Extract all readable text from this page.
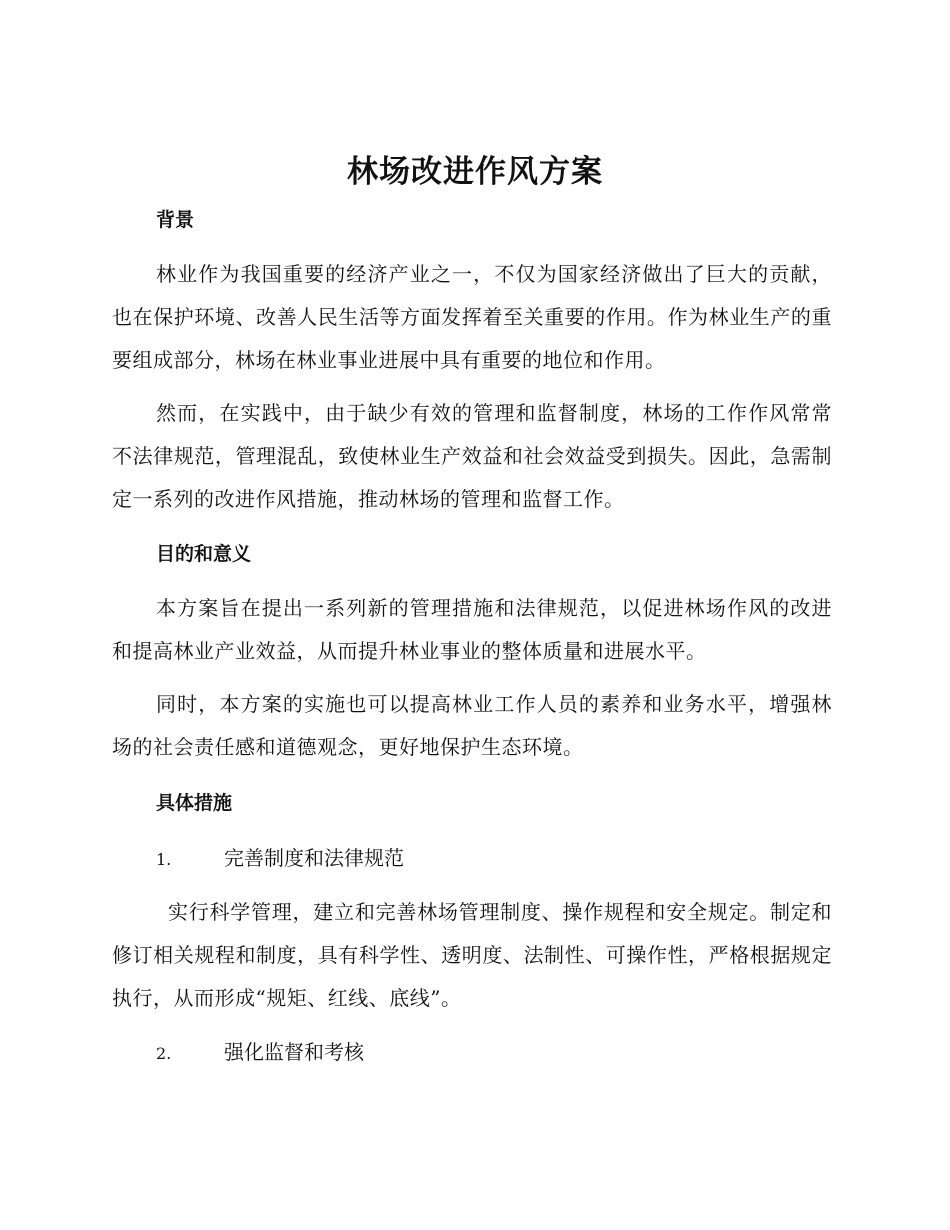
林场改进作风方案
背景

林业作为我国重要的经济产业之一，不仅为国家经济做出了巨大的贡献，也在保护环境、改善人民生活等方面发挥着至关重要的作用。作为林业生产的重要组成部分，林场在林业事业进展中具有重要的地位和作用。

然而，在实践中，由于缺少有效的管理和监督制度，林场的工作作风常常不法律规范，管理混乱，致使林业生产效益和社会效益受到损失。因此，急需制定一系列的改进作风措施，推动林场的管理和监督工作。

目的和意义

本方案旨在提出一系列新的管理措施和法律规范，以促进林场作风的改进和提高林业产业效益，从而提升林业事业的整体质量和进展水平。

同时，本方案的实施也可以提高林业工作人员的素养和业务水平，增强林场的社会责任感和道德观念，更好地保护生态环境。

具体措施
1.	完善制度和法律规范

实行科学管理，建立和完善林场管理制度、操作规程和安全规定。制定和修订相关规程和制度，具有科学性、透明度、法制性、可操作性，严格根据规定执行，从而形成“规矩、红线、底线”。

2.	强化监督和考核
